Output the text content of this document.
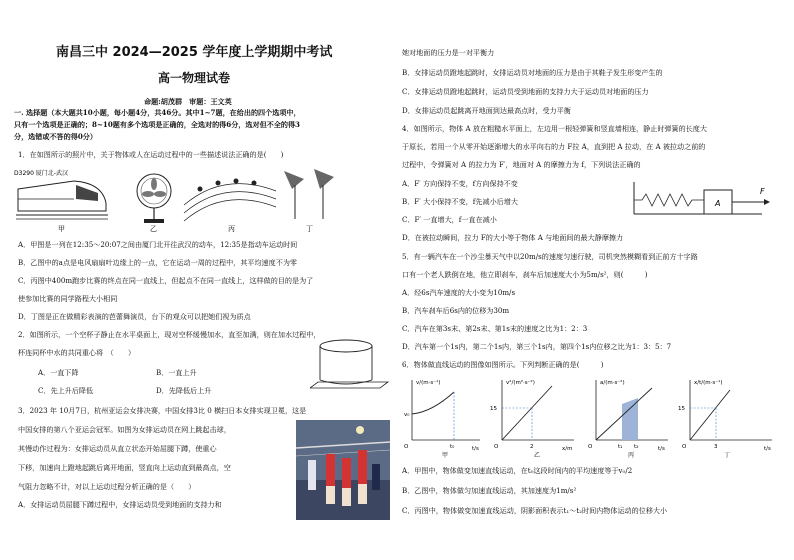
南昌三中 2024—2025 学年度上学期期中考试
高一物理试卷
命题:胡茂群　审题：王文英
一. 选择题（本大题共10小题，每小题4分，共46分。其中1~7题，在给出的四个选项中，
只有一个选项是正确的；8~10题有多个选项是正确的，全选对的得6分，选对但不全的得3
分，选错或不答的得0分）
1．在如图所示的照片中，关于物体或人在运动过程中的一些描述说法正确的是(　　)
D3290 厦门北-武汉
甲	乙	丙	丁
A．甲图是一列在12:35～20:07之间由厦门北开往武汉的动车，12:35是指动车运动时间
B．乙图中的a点是电风扇扇叶边缘上的一点，它在运动一周的过程中，其平均速度不为零
C．丙图中400m跑步比赛的终点在同一直线上，但起点不在同一直线上，这样做的目的是为了
使参加比赛的同学路程大小相同
D．丁图是正在做精彩表演的芭蕾舞演员，台下的观众可以把她们视为质点
2．如图所示，一个空杯子静止在水平桌面上，现对空杯缓慢加水，直至加满，则在加水过程中，
杯连同杯中水的共同重心将　（　　）
A．一直下降	B．一直上升
C．先上升后降低	D．先降低后上升
3．2023 年 10月7日，杭州亚运会女排决赛，中国女排3比 0 横扫日本女排实现卫冕，这是
中国女排的第八个亚运会冠军。如图为女排运动员在网上跳起击球，
其慢动作过程为：女排运动员从直立状态开始屈腿下蹲，使重心
下移，加速向上蹬地起跳后离开地面，竖直向上运动直到最高点，空
气阻力忽略不计，对以上运动过程分析正确的是（　　）
A．女排运动员屈腿下蹲过程中，女排运动员受到地面的支持力和
她对地面的压力是一对平衡力
B．女排运动员蹬地起跳时，女排运动员对地面的压力是由于其鞋子发生形变产生的
C．女排运动员蹬地起跳时，运动员受到地面的支持力大于运动员对地面的压力
D．女排运动员起跳离开地面到达最高点时，受力平衡
4．如图所示，物体 A 放在粗糙水平面上，左边用一根轻弹簧和竖直墙相连，静止时弹簧的长度大
于原长，若用一个从零开始逐渐增大的水平向右的力 F拉 A，直到把 A 拉动，在 A 被拉动之前的
过程中，令弹簧对 A 的拉力为 F′，地面对 A 的摩擦力为 f，下列说法正确的
A．F′ 方向保持不变，f方向保持不变
B．F′ 大小保持不变，f先减小后增大
C．F′ 一直增大，f一直在减小
D．在被拉动瞬间，拉力 F的大小等于物体 A 与地面间的最大静摩擦力
A
F
5．有一辆汽车在一个沙尘暴天气中以20m/s的速度匀速行驶，司机突然模糊看到正前方十字路
口有一个老人跌倒在地，他立即刹车，刹车后加速度大小为5m/s²，则(　　　)
A．经6s汽车速度的大小变为10m/s
B．汽车刹车后6s内的位移为30m
C．汽车在第3s末、第2s末、第1s末的速度之比为1：2：3
D．汽车第一个1s内，第二个1s内，第三个1s内，第四个1s内位移之比为1：3：5：7
6．物体做直线运动的图像如图所示。下列判断正确的是(　　　)
v/(m·s⁻¹)
t/s
v₀
t₀
O
甲
v²/(m²·s⁻²)
x/m
15
2
O
乙
a/(m·s⁻²)
t/s
t₁ t₂
O
丙
x/t/(m·s⁻¹)
t/s
15
3
O
丁
A．甲图中，物体做变加速直线运动，在t₀这段时间内的平均速度等于v₀/2
B．乙图中，物体做匀加速直线运动，其加速度为1m/s²
C．丙图中，物体做变加速直线运动，阴影面积表示t₁～t₂时间内物体运动的位移大小
